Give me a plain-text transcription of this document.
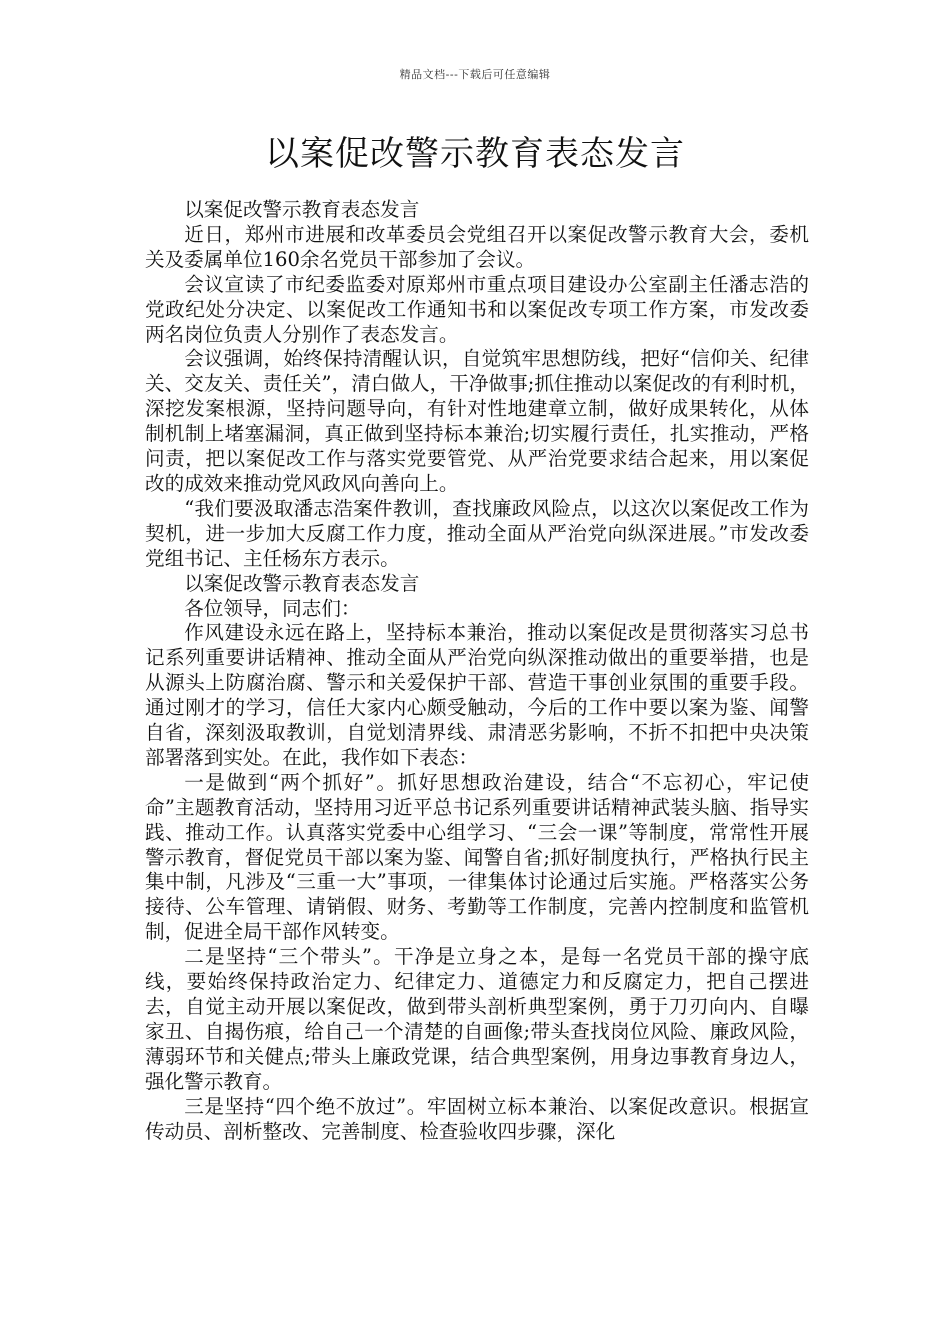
精品文档---下载后可任意编辑
以案促改警示教育表态发言

以案促改警示教育表态发言

近日，郑州市进展和改革委员会党组召开以案促改警示教育大会，委机关及委属单位160余名党员干部参加了会议。

会议宣读了市纪委监委对原郑州市重点项目建设办公室副主任潘志浩的党政纪处分决定、以案促改工作通知书和以案促改专项工作方案，市发改委两名岗位负责人分别作了表态发言。

会议强调，始终保持清醒认识，自觉筑牢思想防线，把好“信仰关、纪律关、交友关、责任关”，清白做人，干净做事;抓住推动以案促改的有利时机，深挖发案根源，坚持问题导向，有针对性地建章立制，做好成果转化，从体制机制上堵塞漏洞，真正做到坚持标本兼治;切实履行责任，扎实推动，严格问责，把以案促改工作与落实党要管党、从严治党要求结合起来，用以案促改的成效来推动党风政风向善向上。

“我们要汲取潘志浩案件教训，查找廉政风险点，以这次以案促改工作为契机，进一步加大反腐工作力度，推动全面从严治党向纵深进展。”市发改委党组书记、主任杨东方表示。

以案促改警示教育表态发言

各位领导，同志们：

作风建设永远在路上，坚持标本兼治，推动以案促改是贯彻落实习总书记系列重要讲话精神、推动全面从严治党向纵深推动做出的重要举措，也是从源头上防腐治腐、警示和关爱保护干部、营造干事创业氛围的重要手段。通过刚才的学习，信任大家内心颇受触动，今后的工作中要以案为鉴、闻警自省，深刻汲取教训，自觉划清界线、肃清恶劣影响，不折不扣把中央决策部署落到实处。在此，我作如下表态：

一是做到“两个抓好”。抓好思想政治建设，结合“不忘初心，牢记使命”主题教育活动，坚持用习近平总书记系列重要讲话精神武装头脑、指导实践、推动工作。认真落实党委中心组学习、“三会一课”等制度，常常性开展警示教育，督促党员干部以案为鉴、闻警自省;抓好制度执行，严格执行民主集中制，凡涉及“三重一大”事项，一律集体讨论通过后实施。严格落实公务接待、公车管理、请销假、财务、考勤等工作制度，完善内控制度和监管机制，促进全局干部作风转变。

二是坚持“三个带头”。干净是立身之本，是每一名党员干部的操守底线，要始终保持政治定力、纪律定力、道德定力和反腐定力，把自己摆进去，自觉主动开展以案促改，做到带头剖析典型案例，勇于刀刃向内、自曝家丑、自揭伤痕，给自己一个清楚的自画像;带头查找岗位风险、廉政风险，薄弱环节和关健点;带头上廉政党课，结合典型案例，用身边事教育身边人，强化警示教育。

三是坚持“四个绝不放过”。牢固树立标本兼治、以案促改意识。根据宣传动员、剖析整改、完善制度、检查验收四步骤，深化
